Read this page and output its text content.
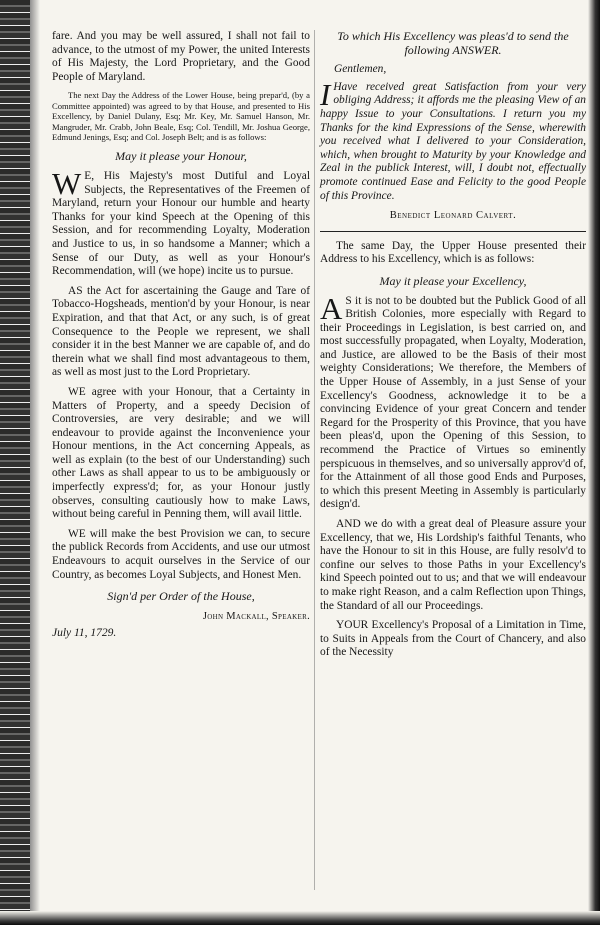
fare. And you may be well assured, I shall not fail to advance, to the utmost of my Power, the united Interests of His Majesty, the Lord Proprietary, and the Good People of Maryland.

The next Day the Address of the Lower House, being prepar'd, (by a Committee appointed) was agreed to by that House, and presented to His Excellency, by Daniel Dulany, Esq; Mr. Key, Mr. Samuel Hanson, Mr. Mangruder, Mr. Crabb, John Beale, Esq; Col. Tendill, Mr. Joshua George, Edmund Jenings, Esq; and Col. Joseph Belt; and is as follows:

May it please your Honour,

W E, His Majesty's most Dutiful and Loyal Subjects, the Representatives of the Freemen of Maryland, return your Honour our humble and hearty Thanks for your kind Speech at the Opening of this Session, and for recommending Loyalty, Moderation and Justice to us, in so handsome a Manner; which a Sense of our Duty, as well as your Honour's Recommendation, will (we hope) incite us to pursue.

AS the Act for ascertaining the Gauge and Tare of Tobacco-Hogsheads, mention'd by your Honour, is near Expiration, and that that Act, or any such, is of great Consequence to the People we represent, we shall consider it in the best Manner we are capable of, and do therein what we shall find most advantageous to them, as well as most just to the Lord Proprietary.

WE agree with your Honour, that a Certainty in Matters of Property, and a speedy Decision of Controversies, are very desirable; and we will endeavour to provide against the Inconvenience your Honour mentions, in the Act concerning Appeals, as well as explain (to the best of our Understanding) such other Laws as shall appear to us to be ambiguously or imperfectly express'd; for, as your Honour justly observes, consulting cautiously how to make Laws, without being careful in Penning them, will avail little.

WE will make the best Provision we can, to secure the publick Records from Accidents, and use our utmost Endeavours to acquit ourselves in the Service of our Country, as becomes Loyal Subjects, and Honest Men.

Sign'd per Order of the House,
John Mackall, Speaker.
July 11, 1729.
To which His Excellency was pleas'd to send the following ANSWER.
Gentlemen,

I Have received great Satisfaction from your very obliging Address; it affords me the pleasing View of an happy Issue to your Consultations. I return you my Thanks for the kind Expressions of the Sense, wherewith you received what I delivered to your Consideration, which, when brought to Maturity by your Knowledge and Zeal in the publick Interest, will, I doubt not, effectually promote continued Ease and Felicity to the good People of this Province.

Benedict Leonard Calvert.

The same Day, the Upper House presented their Address to his Excellency, which is as follows:

May it please your Excellency,

A S it is not to be doubted but the Publick Good of all British Colonies, more especially with Regard to their Proceedings in Legislation, is best carried on, and most successfully propagated, when Loyalty, Moderation, and Justice, are allowed to be the Basis of their most weighty Considerations; We therefore, the Members of the Upper House of Assembly, in a just Sense of your Excellency's Goodness, acknowledge it to be a convincing Evidence of your great Concern and tender Regard for the Prosperity of this Province, that you have been pleas'd, upon the Opening of this Session, to recommend the Practice of Virtues so eminently perspicuous in themselves, and so universally approv'd of, for the Attainment of all those good Ends and Purposes, to which this present Meeting in Assembly is particularly design'd.

AND we do with a great deal of Pleasure assure your Excellency, that we, His Lordship's faithful Tenants, who have the Honour to sit in this House, are fully resolv'd to confine our selves to those Paths in your Excellency's kind Speech pointed out to us; and that we will endeavour to make right Reason, and a calm Reflection upon Things, the Standard of all our Proceedings.

YOUR Excellency's Proposal of a Limitation in Time, to Suits in Appeals from the Court of Chancery, and also of the Necessity
